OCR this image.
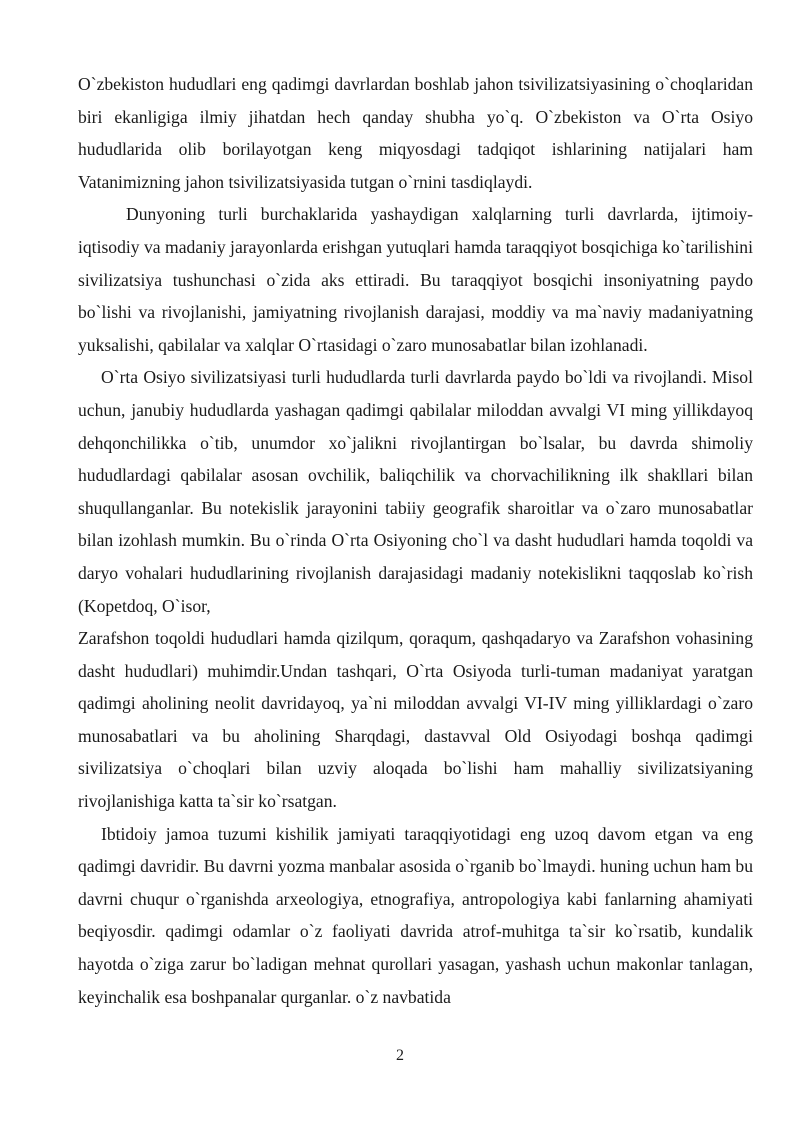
O`zbekiston hududlari eng qadimgi davrlardan boshlab jahon tsivilizatsiyasining o`choqlaridan biri ekanligiga ilmiy jihatdan hech qanday shubha yo`q. O`zbekiston va O`rta Osiyo hududlarida olib borilayotgan keng miqyosdagi tadqiqot ishlarining natijalari ham Vatanimizning jahon tsivilizatsiyasida tutgan o`rnini tasdiqlaydi.

Dunyoning turli burchaklarida yashaydigan xalqlarning turli davrlarda, ijtimoiy-iqtisodiy va madaniy jarayonlarda erishgan yutuqlari hamda taraqqiyot bosqichiga ko`tarilishini sivilizatsiya tushunchasi o`zida aks ettiradi. Bu taraqqiyot bosqichi insoniyatning paydo bo`lishi va rivojlanishi, jamiyatning rivojlanish darajasi, moddiy va ma`naviy madaniyatning yuksalishi, qabilalar va xalqlar O`rtasidagi o`zaro munosabatlar bilan izohlanadi.

O`rta Osiyo sivilizatsiyasi turli hududlarda turli davrlarda paydo bo`ldi va rivojlandi. Misol uchun, janubiy hududlarda yashagan qadimgi qabilalar miloddan avvalgi VI ming yillikdayoq dehqonchilikka o`tib, unumdor xo`jalikni rivojlantirgan bo`lsalar, bu davrda shimoliy hududlardagi qabilalar asosan ovchilik, baliqchilik va chorvachilikning ilk shakllari bilan shuqullanganlar. Bu notekislik jarayonini tabiiy geografik sharoitlar va o`zaro munosabatlar bilan izohlash mumkin. Bu o`rinda O`rta Osiyoning cho`l va dasht hududlari hamda toqoldi va daryo vohalari hududlarining rivojlanish darajasidagi madaniy notekislikni taqqoslab ko`rish (Kopetdoq, O`isor,

Zarafshon toqoldi hududlari hamda qizilqum, qoraqum, qashqadaryo va Zarafshon vohasining dasht hududlari) muhimdir.Undan tashqari, O`rta Osiyoda turli-tuman madaniyat yaratgan qadimgi aholining neolit davridayoq, ya`ni miloddan avvalgi VI-IV ming yilliklardagi o`zaro munosabatlari va bu aholining Sharqdagi, dastavval Old Osiyodagi boshqa qadimgi sivilizatsiya o`choqlari bilan uzviy aloqada bo`lishi ham mahalliy sivilizatsiyaning rivojlanishiga katta ta`sir ko`rsatgan.

Ibtidoiy jamoa tuzumi kishilik jamiyati taraqqiyotidagi eng uzoq davom etgan va eng qadimgi davridir. Bu davrni yozma manbalar asosida o`rganib bo`lmaydi. huning uchun ham bu davrni chuqur o`rganishda arxeologiya, etnografiya, antropologiya kabi fanlarning ahamiyati beqiyosdir. qadimgi odamlar o`z faoliyati davrida atrof-muhitga ta`sir ko`rsatib, kundalik hayotda o`ziga zarur bo`ladigan mehnat qurollari yasagan, yashash uchun makonlar tanlagan, keyinchalik esa boshpanalar qurganlar. o`z navbatida

2
